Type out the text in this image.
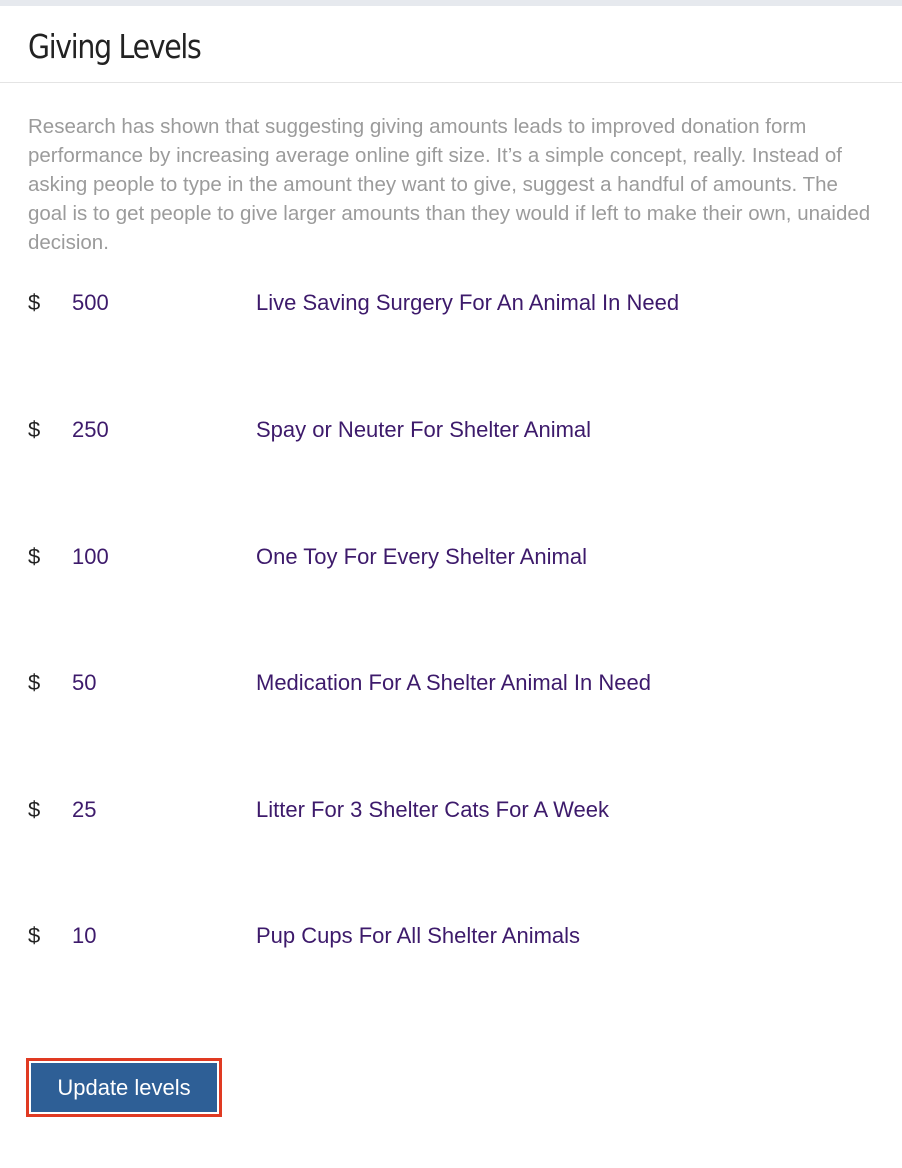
Giving Levels

Research has shown that suggesting giving amounts leads to improved donation form performance by increasing average online gift size. It’s a simple concept, really. Instead of asking people to type in the amount they want to give, suggest a handful of amounts. The goal is to get people to give larger amounts than they would if left to make their own, unaided decision.

$ 500	Live Saving Surgery For An Animal In Need
$ 250	Spay or Neuter For Shelter Animal
$ 100	One Toy For Every Shelter Animal
$ 50	Medication For A Shelter Animal In Need
$ 25	Litter For 3 Shelter Cats For A Week
$ 10	Pup Cups For All Shelter Animals
Update levels
